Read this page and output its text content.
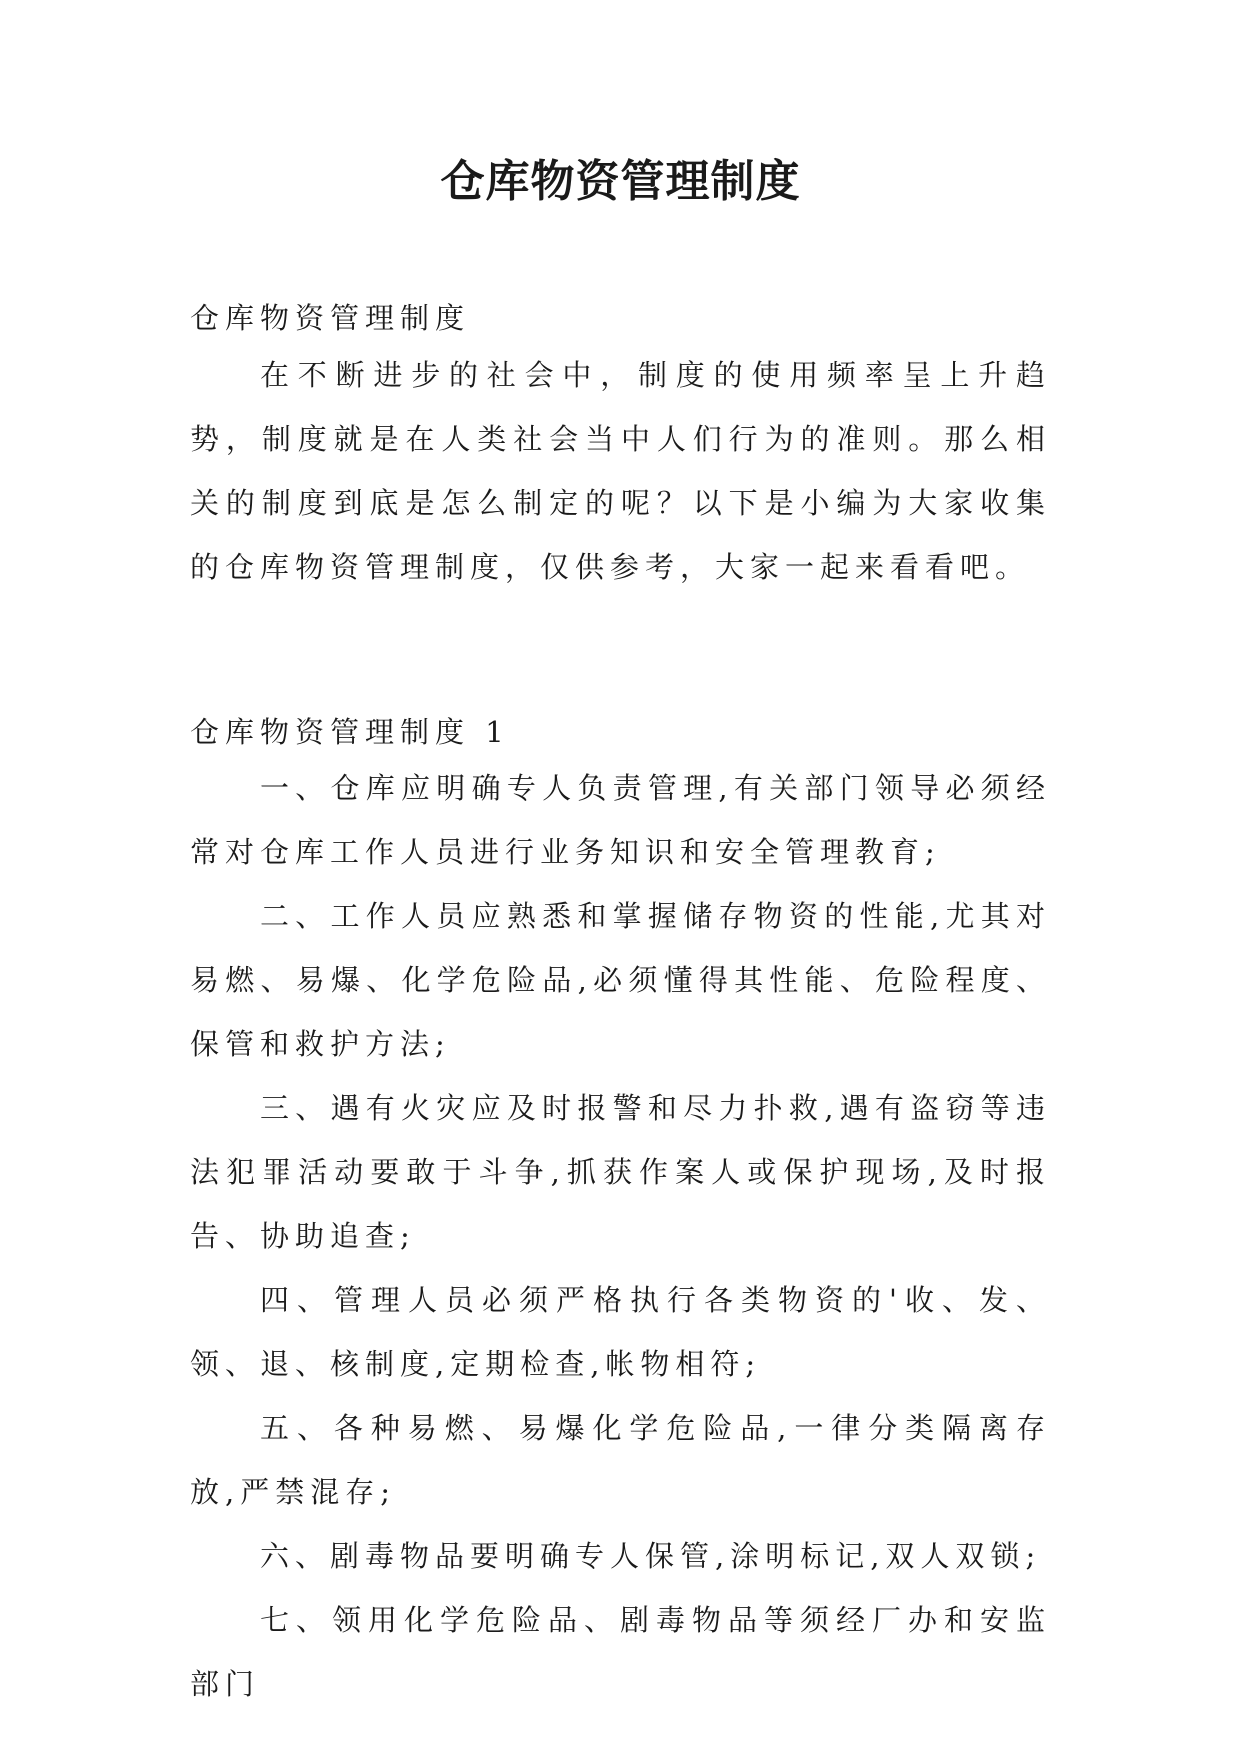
仓库物资管理制度

仓库物资管理制度

在不断进步的社会中，制度的使用频率呈上升趋势，制度就是在人类社会当中人们行为的准则。那么相关的制度到底是怎么制定的呢？以下是小编为大家收集的仓库物资管理制度，仅供参考，大家一起来看看吧。

仓库物资管理制度 1

一、仓库应明确专人负责管理,有关部门领导必须经常对仓库工作人员进行业务知识和安全管理教育;

二、工作人员应熟悉和掌握储存物资的性能,尤其对易燃、易爆、化学危险品,必须懂得其性能、危险程度、保管和救护方法;

三、遇有火灾应及时报警和尽力扑救,遇有盗窃等违法犯罪活动要敢于斗争,抓获作案人或保护现场,及时报告、协助追查;

四、管理人员必须严格执行各类物资的'收、发、领、退、核制度,定期检查,帐物相符;

五、各种易燃、易爆化学危险品,一律分类隔离存放,严禁混存;

六、剧毒物品要明确专人保管,涂明标记,双人双锁;

七、领用化学危险品、剧毒物品等须经厂办和安监部门
